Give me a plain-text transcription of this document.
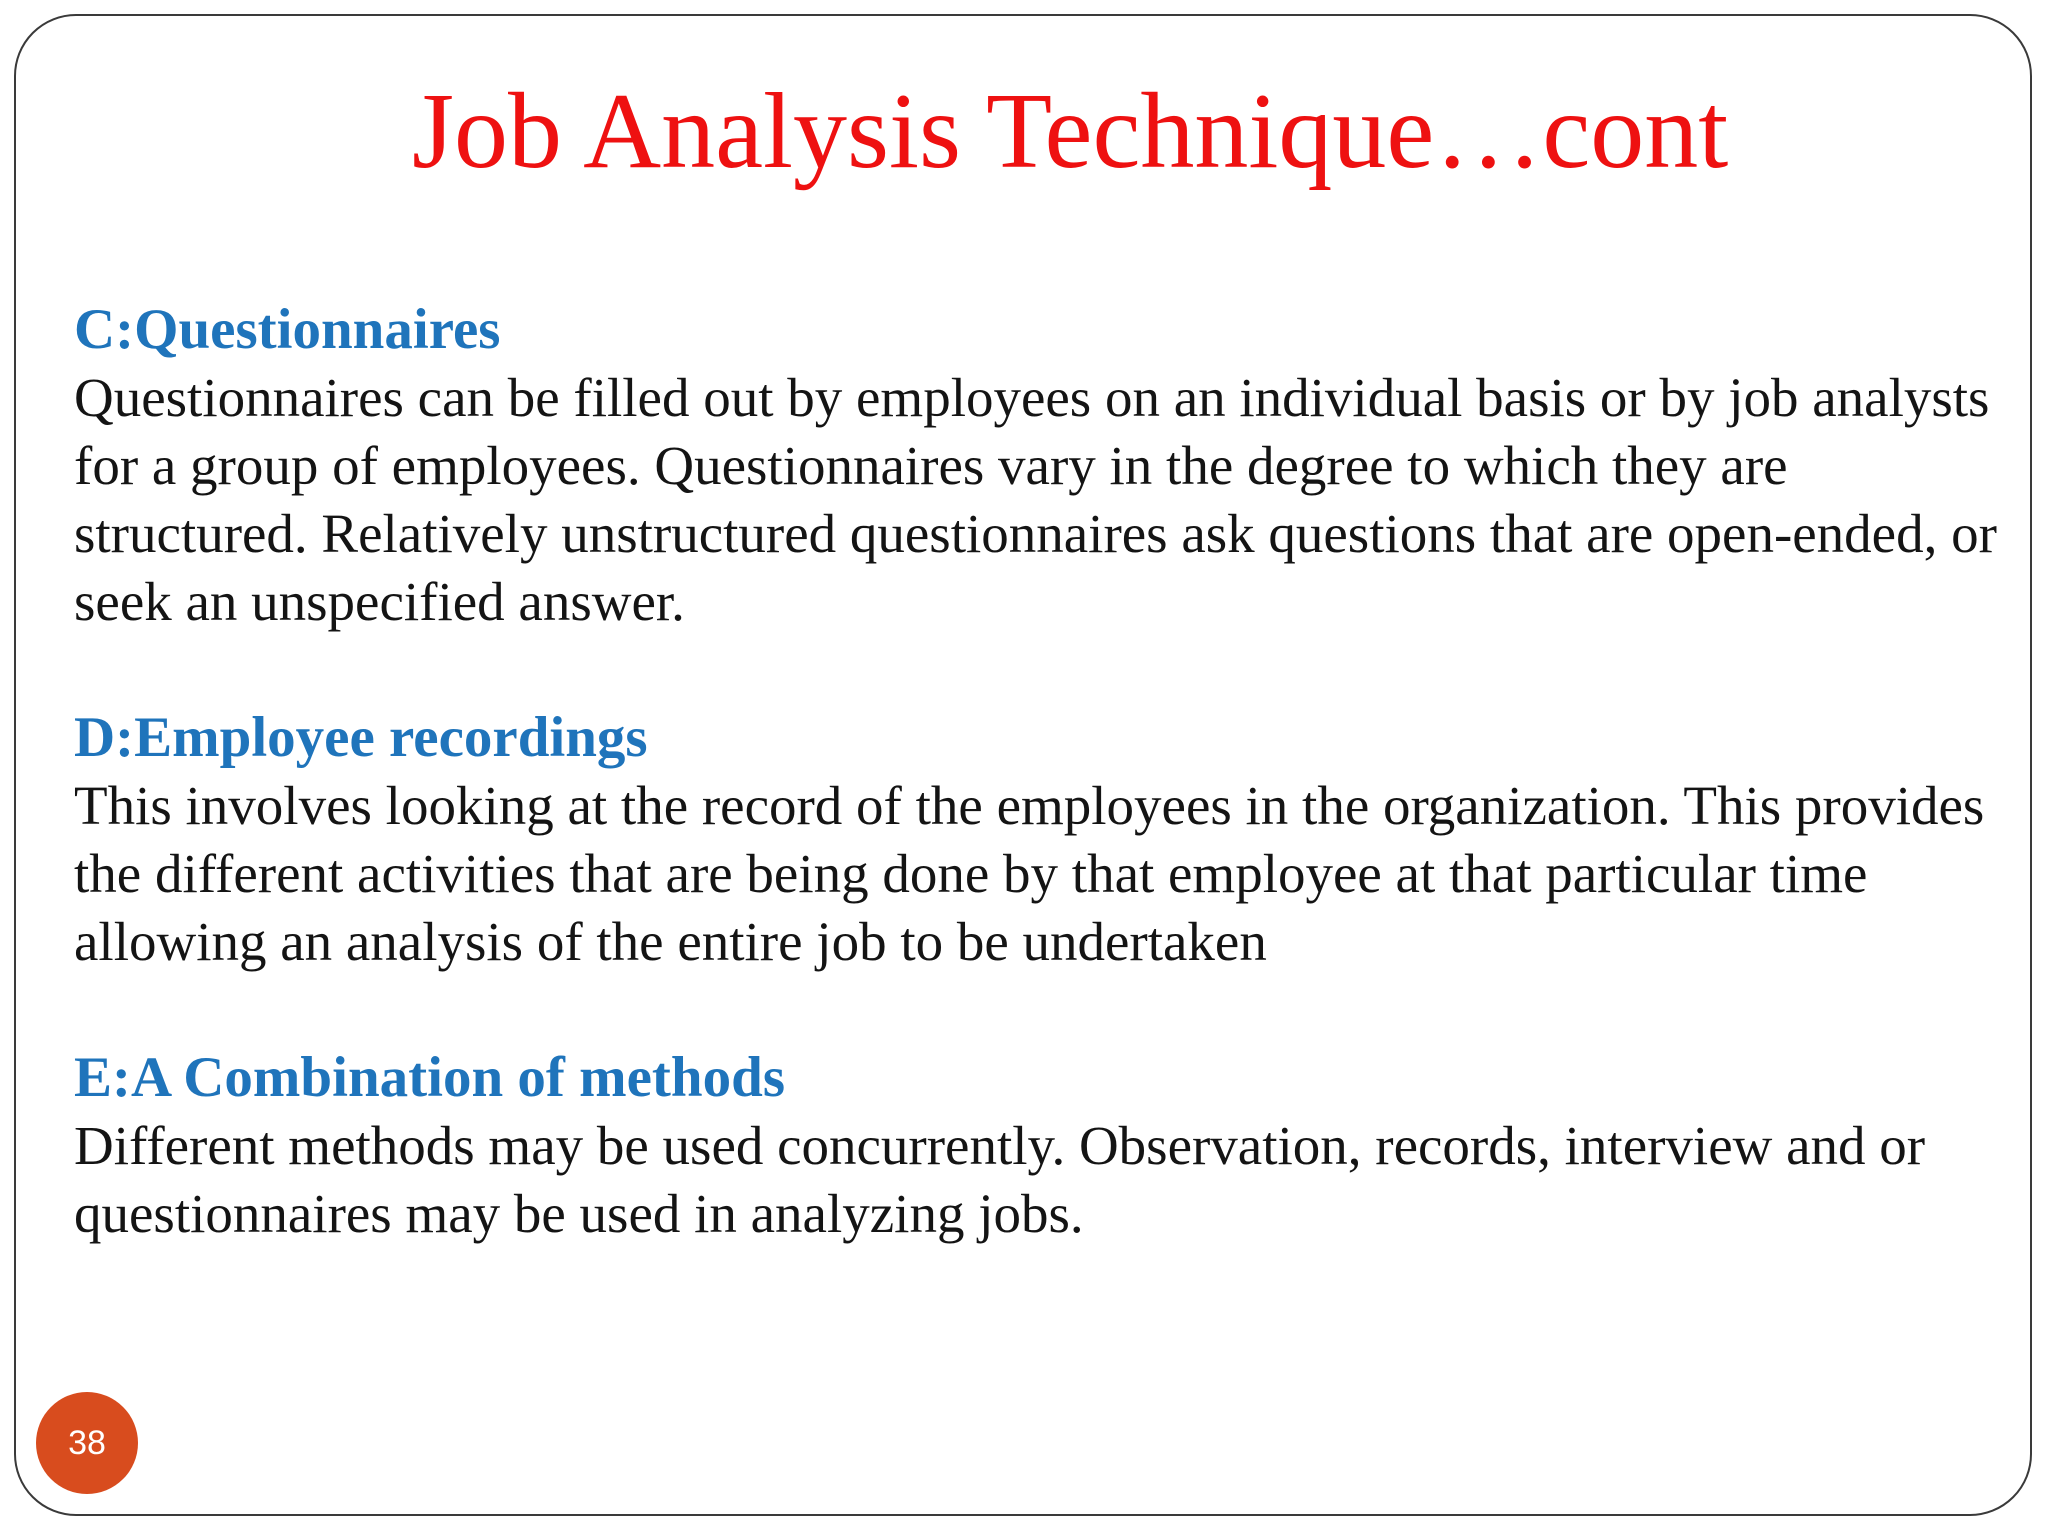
Job Analysis Technique…cont

C:Questionnaires

Questionnaires can be filled out by employees on an individual basis or by job analysts for a group of employees. Questionnaires vary in the degree to which they are structured. Relatively unstructured questionnaires ask questions that are open-ended, or seek an unspecified answer.

D:Employee recordings

This involves looking at the record of the employees in the organization. This provides the different activities that are being done by that employee at that particular time allowing an analysis of the entire job to be undertaken

E:A Combination of methods

Different methods may be used concurrently. Observation, records, interview and or questionnaires may be used in analyzing jobs.

38
